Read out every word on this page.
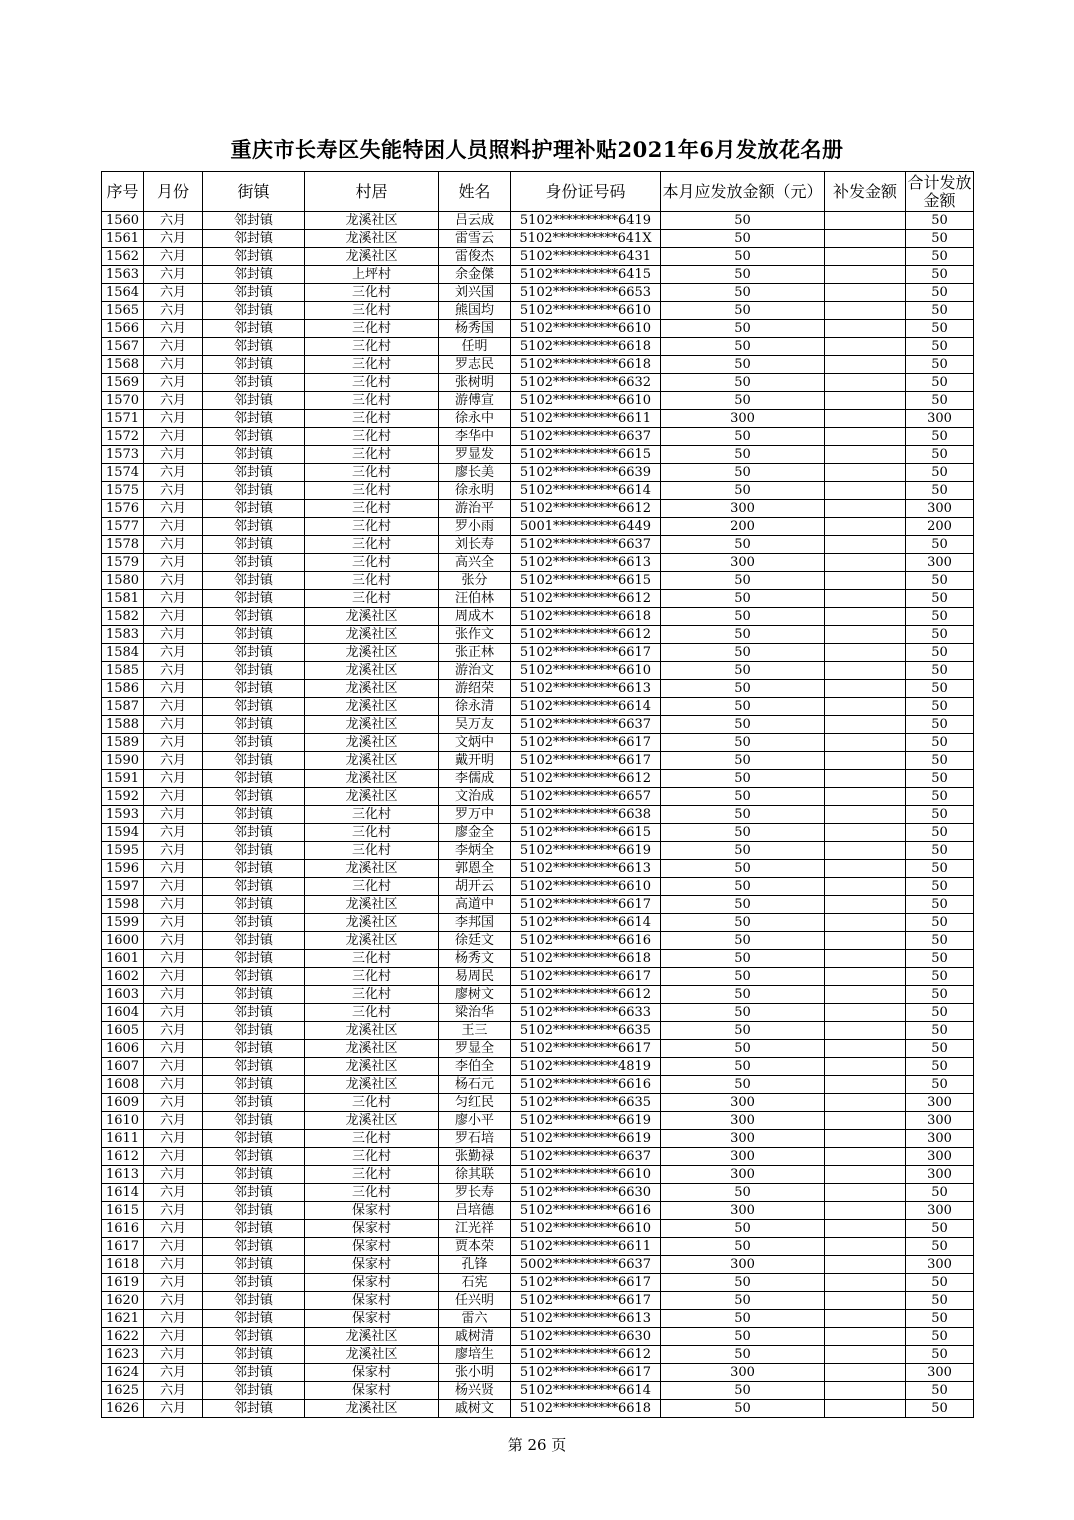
重庆市长寿区失能特困人员照料护理补贴2021年6月发放花名册
序号	月份	街镇	村居	姓名	身份证号码	本月应发放金额（元）	补发金额	合计发放金额
1560	六月	邻封镇	龙溪社区	吕云成	5102**********6419	50		50
1561	六月	邻封镇	龙溪社区	雷雪云	5102**********641X	50		50
1562	六月	邻封镇	龙溪社区	雷俊杰	5102**********6431	50		50
1563	六月	邻封镇	上坪村	余金傑	5102**********6415	50		50
1564	六月	邻封镇	三化村	刘兴国	5102**********6653	50		50
1565	六月	邻封镇	三化村	熊国均	5102**********6610	50		50
1566	六月	邻封镇	三化村	杨秀国	5102**********6610	50		50
1567	六月	邻封镇	三化村	任明	5102**********6618	50		50
1568	六月	邻封镇	三化村	罗志民	5102**********6618	50		50
1569	六月	邻封镇	三化村	张树明	5102**********6632	50		50
1570	六月	邻封镇	三化村	游傅宣	5102**********6610	50		50
1571	六月	邻封镇	三化村	徐永中	5102**********6611	300		300
1572	六月	邻封镇	三化村	李华中	5102**********6637	50		50
1573	六月	邻封镇	三化村	罗显发	5102**********6615	50		50
1574	六月	邻封镇	三化村	廖长美	5102**********6639	50		50
1575	六月	邻封镇	三化村	徐永明	5102**********6614	50		50
1576	六月	邻封镇	三化村	游治平	5102**********6612	300		300
1577	六月	邻封镇	三化村	罗小雨	5001**********6449	200		200
1578	六月	邻封镇	三化村	刘长寿	5102**********6637	50		50
1579	六月	邻封镇	三化村	高兴全	5102**********6613	300		300
1580	六月	邻封镇	三化村	张分	5102**********6615	50		50
1581	六月	邻封镇	三化村	汪伯林	5102**********6612	50		50
1582	六月	邻封镇	龙溪社区	周成木	5102**********6618	50		50
1583	六月	邻封镇	龙溪社区	张作文	5102**********6612	50		50
1584	六月	邻封镇	龙溪社区	张正林	5102**********6617	50		50
1585	六月	邻封镇	龙溪社区	游治文	5102**********6610	50		50
1586	六月	邻封镇	龙溪社区	游绍荣	5102**********6613	50		50
1587	六月	邻封镇	龙溪社区	徐永清	5102**********6614	50		50
1588	六月	邻封镇	龙溪社区	吴万友	5102**********6637	50		50
1589	六月	邻封镇	龙溪社区	文炳中	5102**********6617	50		50
1590	六月	邻封镇	龙溪社区	戴开明	5102**********6617	50		50
1591	六月	邻封镇	龙溪社区	李儒成	5102**********6612	50		50
1592	六月	邻封镇	龙溪社区	文治成	5102**********6657	50		50
1593	六月	邻封镇	三化村	罗万中	5102**********6638	50		50
1594	六月	邻封镇	三化村	廖金全	5102**********6615	50		50
1595	六月	邻封镇	三化村	李炳全	5102**********6619	50		50
1596	六月	邻封镇	龙溪社区	郭恩全	5102**********6613	50		50
1597	六月	邻封镇	三化村	胡开云	5102**********6610	50		50
1598	六月	邻封镇	龙溪社区	高道中	5102**********6617	50		50
1599	六月	邻封镇	龙溪社区	李邦国	5102**********6614	50		50
1600	六月	邻封镇	龙溪社区	徐廷文	5102**********6616	50		50
1601	六月	邻封镇	三化村	杨秀文	5102**********6618	50		50
1602	六月	邻封镇	三化村	易周民	5102**********6617	50		50
1603	六月	邻封镇	三化村	廖树文	5102**********6612	50		50
1604	六月	邻封镇	三化村	梁治华	5102**********6633	50		50
1605	六月	邻封镇	龙溪社区	王三	5102**********6635	50		50
1606	六月	邻封镇	龙溪社区	罗显全	5102**********6617	50		50
1607	六月	邻封镇	龙溪社区	李伯全	5102**********4819	50		50
1608	六月	邻封镇	龙溪社区	杨石元	5102**********6616	50		50
1609	六月	邻封镇	三化村	匀红民	5102**********6635	300		300
1610	六月	邻封镇	龙溪社区	廖小平	5102**********6619	300		300
1611	六月	邻封镇	三化村	罗石培	5102**********6619	300		300
1612	六月	邻封镇	三化村	张勤禄	5102**********6637	300		300
1613	六月	邻封镇	三化村	徐其联	5102**********6610	300		300
1614	六月	邻封镇	三化村	罗长寿	5102**********6630	50		50
1615	六月	邻封镇	保家村	吕培德	5102**********6616	300		300
1616	六月	邻封镇	保家村	江光祥	5102**********6610	50		50
1617	六月	邻封镇	保家村	贾本荣	5102**********6611	50		50
1618	六月	邻封镇	保家村	孔锋	5002**********6637	300		300
1619	六月	邻封镇	保家村	石宪	5102**********6617	50		50
1620	六月	邻封镇	保家村	任兴明	5102**********6617	50		50
1621	六月	邻封镇	保家村	雷六	5102**********6613	50		50
1622	六月	邻封镇	龙溪社区	戚树清	5102**********6630	50		50
1623	六月	邻封镇	龙溪社区	廖培生	5102**********6612	50		50
1624	六月	邻封镇	保家村	张小明	5102**********6617	300		300
1625	六月	邻封镇	保家村	杨兴贤	5102**********6614	50		50
1626	六月	邻封镇	龙溪社区	戚树文	5102**********6618	50		50
第 26 页
